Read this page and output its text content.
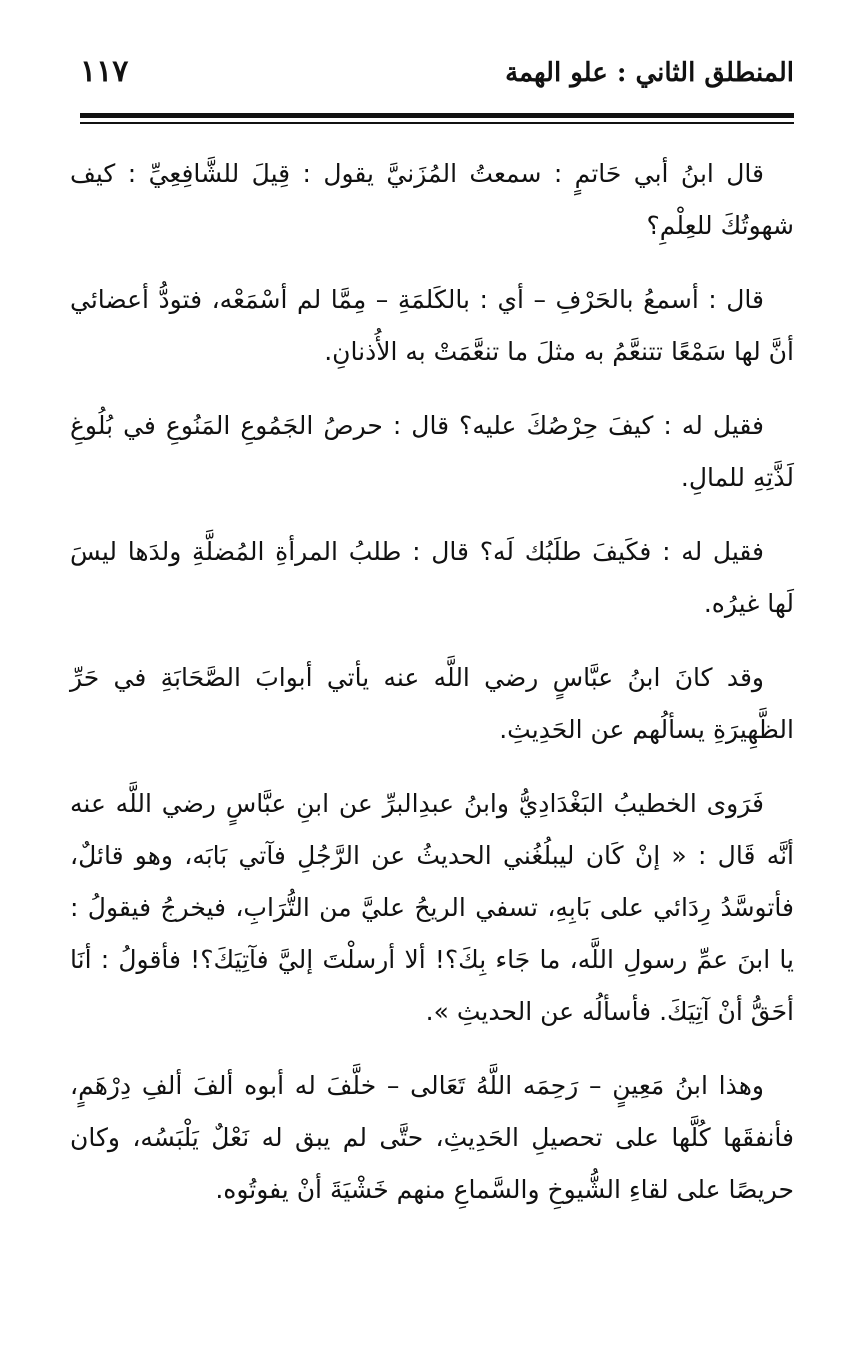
المنطلق الثاني : علو الهمة
١١٧

قال ابنُ أبي حَاتمٍ : سمعتُ المُزَنيَّ يقول : قِيلَ للشَّافِعِيِّ : كيف شهوتُكَ للعِلْمِ؟

قال : أسمعُ بالحَرْفِ – أي : بالكَلمَةِ – مِمَّا لم أسْمَعْه، فتودُّ أعضائي أنَّ لها سَمْعًا تتنعَّمُ به مثلَ ما تنعَّمَتْ به الأُذنانِ.

فقيل له : كيفَ حِرْصُكَ عليه؟ قال : حرصُ الجَمُوعِ المَنُوعِ في بُلُوغِ لَذَّتِهِ للمالِ.

فقيل له : فكَيفَ طلَبُك لَه؟ قال : طلبُ المرأةِ المُضلَّةِ ولدَها ليسَ لَها غيرُه.

وقد كانَ ابنُ عبَّاسٍ رضي اللَّه عنه يأتي أبوابَ الصَّحَابَةِ في حَرِّ الظَّهِيرَةِ يسألُهم عن الحَدِيثِ.

فَرَوى الخطيبُ البَغْدَادِيُّ وابنُ عبدِالبرِّ عن ابنِ عبَّاسٍ رضي اللَّه عنه أنَّه قَال : « إنْ كَان ليبلُغُني الحديثُ عن الرَّجُلِ فآتي بَابَه، وهو قائلٌ، فأتوسَّدُ رِدَائي على بَابِهِ، تسفي الريحُ عليَّ من التُّرَابِ، فيخرجُ فيقولُ : يا ابنَ عمِّ رسولِ اللَّه، ما جَاء بِكَ؟! ألا أرسلْتَ إليَّ فآتِيَكَ؟! فأقولُ : أنَا أحَقُّ أنْ آتِيَكَ. فأسألُه عن الحديثِ ».

وهذا ابنُ مَعِينٍ – رَحِمَه اللَّهُ تَعَالى – خلَّفَ له أبوه ألفَ ألفِ دِرْهَمٍ، فأنفقَها كُلَّها على تحصيلِ الحَدِيثِ، حتَّى لم يبق له نَعْلٌ يَلْبَسُه، وكان حريصًا على لقاءِ الشُّيوخِ والسَّماعِ منهم خَشْيَةَ أنْ يفوتُوه.
